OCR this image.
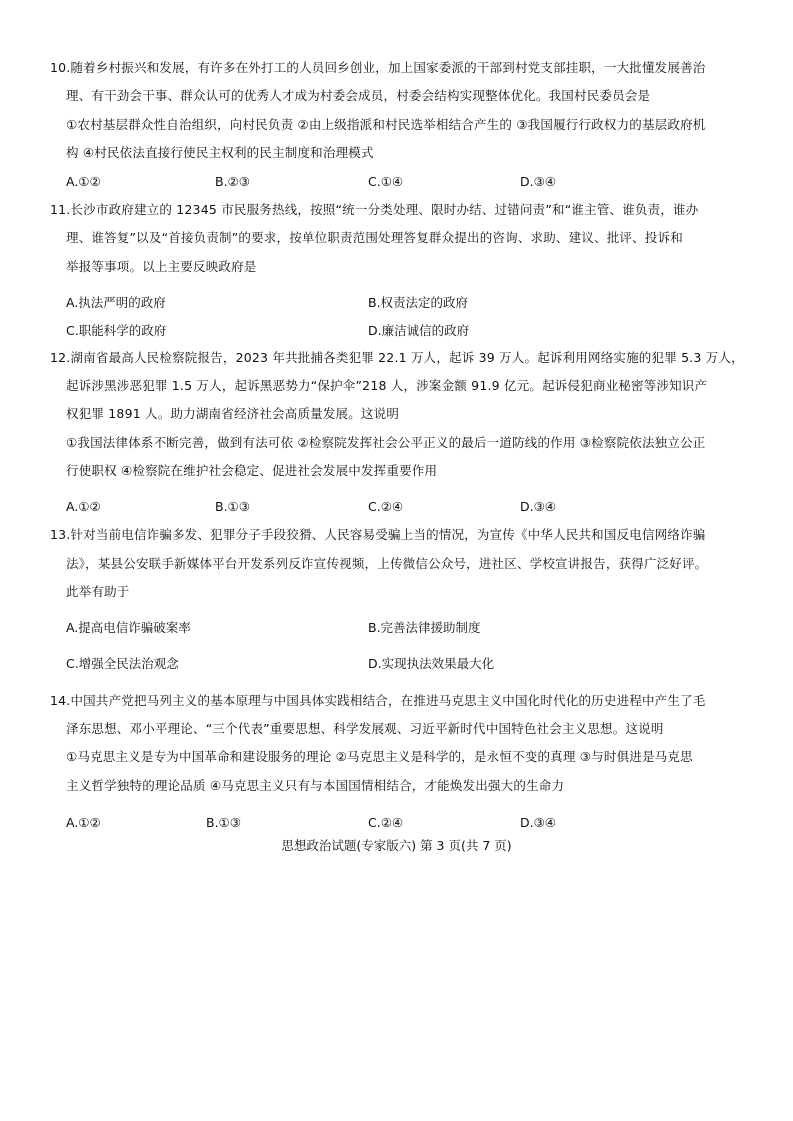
10.随着乡村振兴和发展，有许多在外打工的人员回乡创业，加上国家委派的干部到村党支部挂职，一大批懂发展善治
理、有干劲会干事、群众认可的优秀人才成为村委会成员，村委会结构实现整体优化。我国村民委员会是
①农村基层群众性自治组织，向村民负责 ②由上级指派和村民选举相结合产生的 ③我国履行行政权力的基层政府机
构 ④村民依法直接行使民主权利的民主制度和治理模式
A.①②	B.②③	C.①④	D.③④
11.长沙市政府建立的 12345 市民服务热线，按照“统一分类处理、限时办结、过错问责”和“谁主管、谁负责，谁办
理、谁答复”以及“首接负责制”的要求，按单位职责范围处理答复群众提出的咨询、求助、建议、批评、投诉和
举报等事项。以上主要反映政府是
A.执法严明的政府	B.权责法定的政府
C.职能科学的政府	D.廉洁诚信的政府
12.湖南省最高人民检察院报告，2023 年共批捕各类犯罪 22.1 万人，起诉 39 万人。起诉利用网络实施的犯罪 5.3 万人，
起诉涉黑涉恶犯罪 1.5 万人，起诉黑恶势力“保护伞”218 人，涉案金额 91.9 亿元。起诉侵犯商业秘密等涉知识产
权犯罪 1891 人。助力湖南省经济社会高质量发展。这说明
①我国法律体系不断完善，做到有法可依 ②检察院发挥社会公平正义的最后一道防线的作用 ③检察院依法独立公正
行使职权 ④检察院在维护社会稳定、促进社会发展中发挥重要作用
A.①②	B.①③	C.②④	D.③④
13.针对当前电信诈骗多发、犯罪分子手段狡猾、人民容易受骗上当的情况，为宣传《中华人民共和国反电信网络诈骗
法》，某县公安联手新媒体平台开发系列反诈宣传视频，上传微信公众号，进社区、学校宣讲报告，获得广泛好评。
此举有助于
A.提高电信诈骗破案率	B.完善法律援助制度
C.增强全民法治观念	D.实现执法效果最大化
14.中国共产党把马列主义的基本原理与中国具体实践相结合，在推进马克思主义中国化时代化的历史进程中产生了毛
泽东思想、邓小平理论、“三个代表”重要思想、科学发展观、习近平新时代中国特色社会主义思想。这说明
①马克思主义是专为中国革命和建设服务的理论 ②马克思主义是科学的，是永恒不变的真理 ③与时俱进是马克思
主义哲学独特的理论品质 ④马克思主义只有与本国国情相结合，才能焕发出强大的生命力
A.①②	B.①③	C.②④	D.③④
思想政治试题(专家版六) 第 3 页(共 7 页)
